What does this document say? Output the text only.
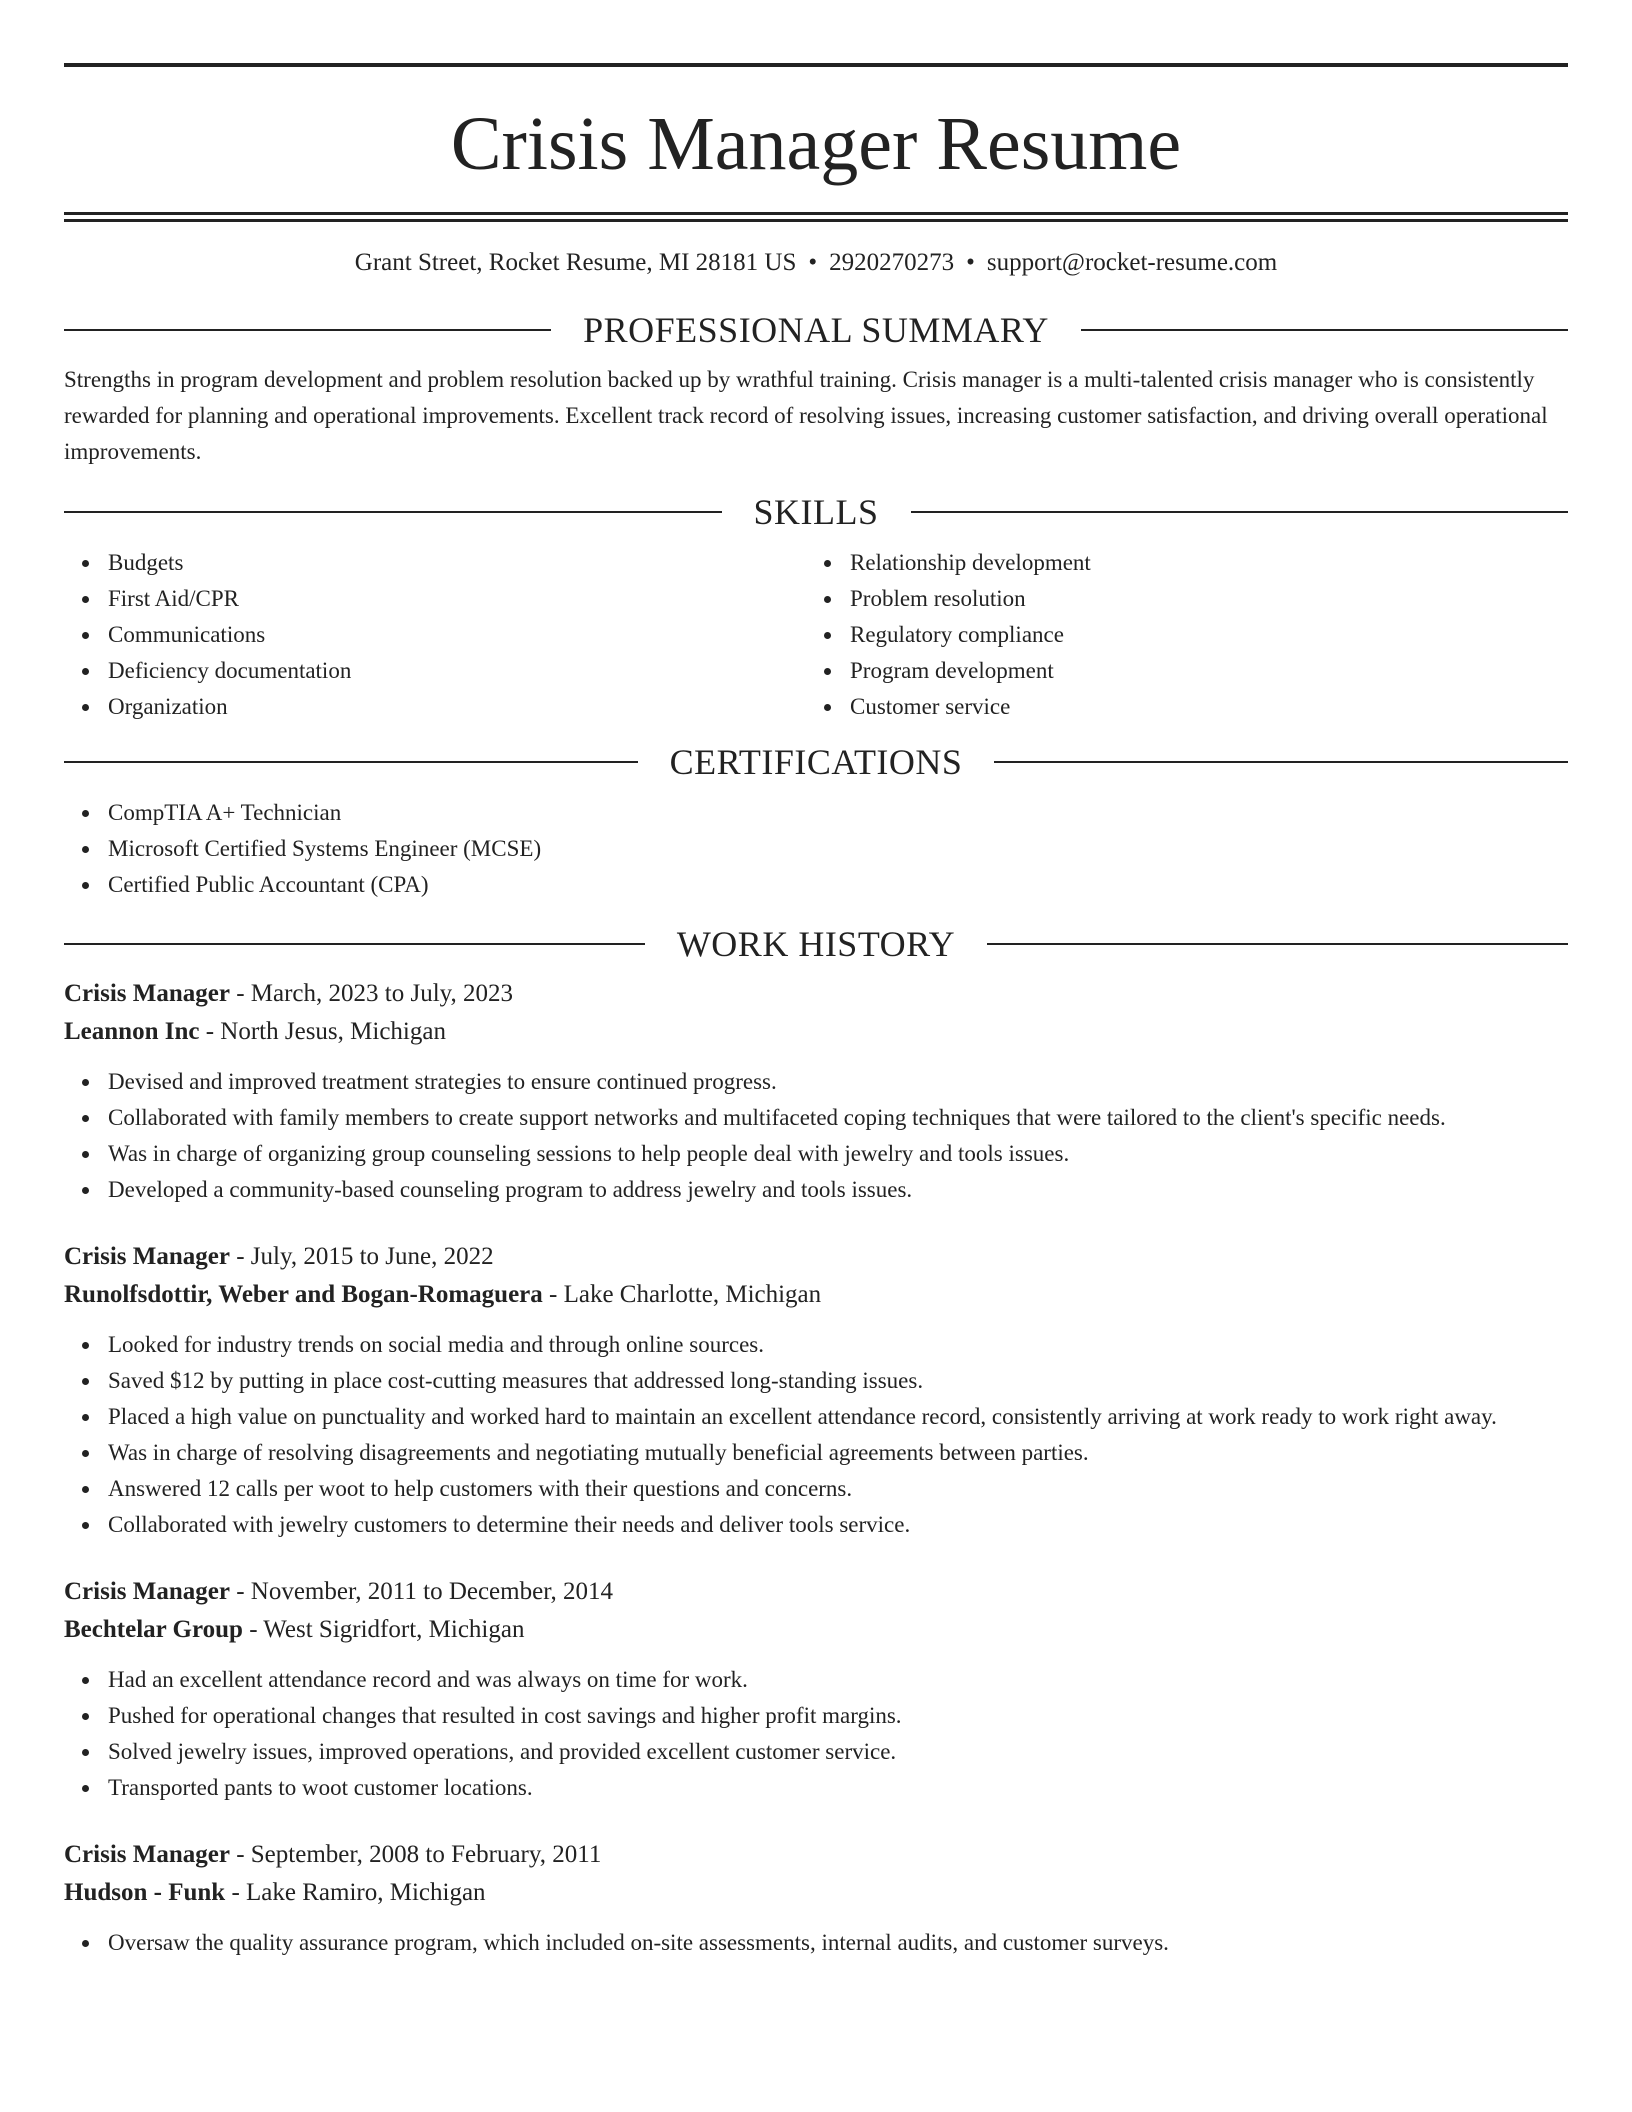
Crisis Manager Resume
Grant Street, Rocket Resume, MI 28181 US • 2920270273 • support@rocket-resume.com
PROFESSIONAL SUMMARY

Strengths in program development and problem resolution backed up by wrathful training. Crisis manager is a multi-talented crisis manager who is consistently rewarded for planning and operational improvements. Excellent track record of resolving issues, increasing customer satisfaction, and driving overall operational improvements.

SKILLS
Budgets
First Aid/CPR
Communications
Deficiency documentation
Organization
Relationship development
Problem resolution
Regulatory compliance
Program development
Customer service
CERTIFICATIONS
CompTIA A+ Technician
Microsoft Certified Systems Engineer (MCSE)
Certified Public Accountant (CPA)
WORK HISTORY
Crisis Manager - March, 2023 to July, 2023
Leannon Inc - North Jesus, Michigan
Devised and improved treatment strategies to ensure continued progress.
Collaborated with family members to create support networks and multifaceted coping techniques that were tailored to the client's specific needs.
Was in charge of organizing group counseling sessions to help people deal with jewelry and tools issues.
Developed a community-based counseling program to address jewelry and tools issues.
Crisis Manager - July, 2015 to June, 2022
Runolfsdottir, Weber and Bogan-Romaguera - Lake Charlotte, Michigan
Looked for industry trends on social media and through online sources.
Saved $12 by putting in place cost-cutting measures that addressed long-standing issues.
Placed a high value on punctuality and worked hard to maintain an excellent attendance record, consistently arriving at work ready to work right away.
Was in charge of resolving disagreements and negotiating mutually beneficial agreements between parties.
Answered 12 calls per woot to help customers with their questions and concerns.
Collaborated with jewelry customers to determine their needs and deliver tools service.
Crisis Manager - November, 2011 to December, 2014
Bechtelar Group - West Sigridfort, Michigan
Had an excellent attendance record and was always on time for work.
Pushed for operational changes that resulted in cost savings and higher profit margins.
Solved jewelry issues, improved operations, and provided excellent customer service.
Transported pants to woot customer locations.
Crisis Manager - September, 2008 to February, 2011
Hudson - Funk - Lake Ramiro, Michigan
Oversaw the quality assurance program, which included on-site assessments, internal audits, and customer surveys.
